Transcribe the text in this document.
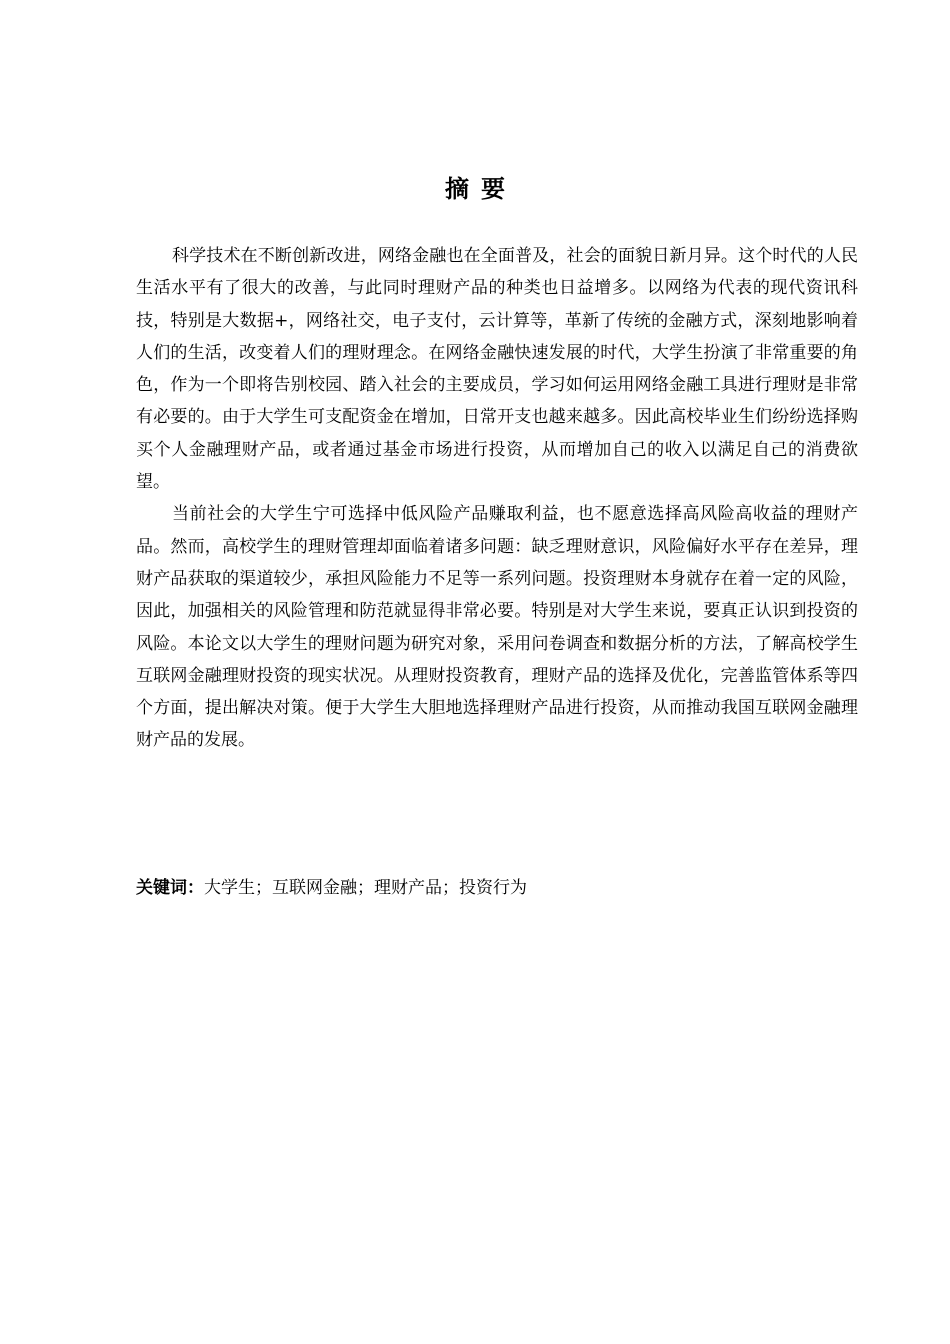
摘要

科学技术在不断创新改进，网络金融也在全面普及，社会的面貌日新月异。这个时代的人民生活水平有了很大的改善，与此同时理财产品的种类也日益增多。以网络为代表的现代资讯科技，特别是大数据+，网络社交，电子支付，云计算等，革新了传统的金融方式，深刻地影响着人们的生活，改变着人们的理财理念。在网络金融快速发展的时代，大学生扮演了非常重要的角色，作为一个即将告别校园、踏入社会的主要成员，学习如何运用网络金融工具进行理财是非常有必要的。由于大学生可支配资金在增加，日常开支也越来越多。因此高校毕业生们纷纷选择购买个人金融理财产品，或者通过基金市场进行投资，从而增加自己的收入以满足自己的消费欲望。

当前社会的大学生宁可选择中低风险产品赚取利益，也不愿意选择高风险高收益的理财产品。然而，高校学生的理财管理却面临着诸多问题：缺乏理财意识，风险偏好水平存在差异，理财产品获取的渠道较少，承担风险能力不足等一系列问题。投资理财本身就存在着一定的风险，因此，加强相关的风险管理和防范就显得非常必要。特别是对大学生来说，要真正认识到投资的风险。本论文以大学生的理财问题为研究对象，采用问卷调查和数据分析的方法，了解高校学生互联网金融理财投资的现实状况。从理财投资教育，理财产品的选择及优化，完善监管体系等四个方面，提出解决对策。便于大学生大胆地选择理财产品进行投资，从而推动我国互联网金融理财产品的发展。

关键词：大学生；互联网金融；理财产品；投资行为
